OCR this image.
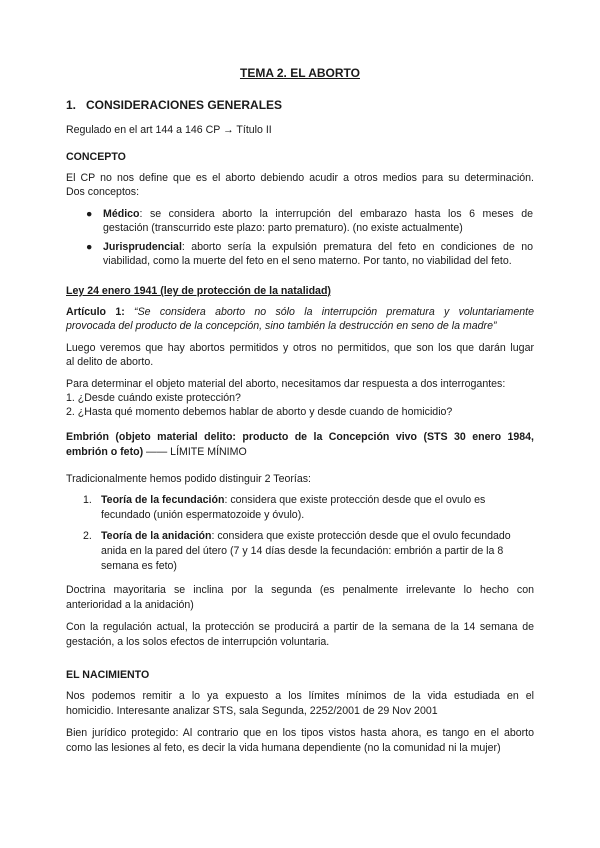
TEMA 2. EL ABORTO
1. CONSIDERACIONES GENERALES
Regulado en el art 144 a 146 CP → Título II
CONCEPTO
El CP no nos define que es el aborto debiendo acudir a otros medios para su determinación.
Dos conceptos:
● Médico: se considera aborto la interrupción del embarazo hasta los 6 meses de
gestación (transcurrido este plazo: parto prematuro). (no existe actualmente)
● Jurisprudencial: aborto sería la expulsión prematura del feto en condiciones de no
viabilidad, como la muerte del feto en el seno materno. Por tanto, no viabilidad del feto.
Ley 24 enero 1941 (ley de protección de la natalidad)
Artículo 1: “Se considera aborto no sólo la interrupción prematura y voluntariamente
provocada del producto de la concepción, sino también la destrucción en seno de la madre”
Luego veremos que hay abortos permitidos y otros no permitidos, que son los que darán lugar
al delito de aborto.
Para determinar el objeto material del aborto, necesitamos dar respuesta a dos interrogantes:
1. ¿Desde cuándo existe protección?
2. ¿Hasta qué momento debemos hablar de aborto y desde cuando de homicidio?
Embrión (objeto material delito: producto de la Concepción vivo (STS 30 enero 1984,
embrión o feto) —— LÍMITE MÍNIMO
Tradicionalmente hemos podido distinguir 2 Teorías:
1. Teoría de la fecundación: considera que existe protección desde que el ovulo es
fecundado (unión espermatozoide y óvulo).
2. Teoría de la anidación: considera que existe protección desde que el ovulo fecundado
anida en la pared del útero (7 y 14 días desde la fecundación: embrión a partir de la 8
semana es feto)
Doctrina mayoritaria se inclina por la segunda (es penalmente irrelevante lo hecho con
anterioridad a la anidación)
Con la regulación actual, la protección se producirá a partir de la semana de la 14 semana de
gestación, a los solos efectos de interrupción voluntaria.
EL NACIMIENTO
Nos podemos remitir a lo ya expuesto a los límites mínimos de la vida estudiada en el
homicidio. Interesante analizar STS, sala Segunda, 2252/2001 de 29 Nov 2001
Bien jurídico protegido: Al contrario que en los tipos vistos hasta ahora, es tango en el aborto
como las lesiones al feto, es decir la vida humana dependiente (no la comunidad ni la mujer)
